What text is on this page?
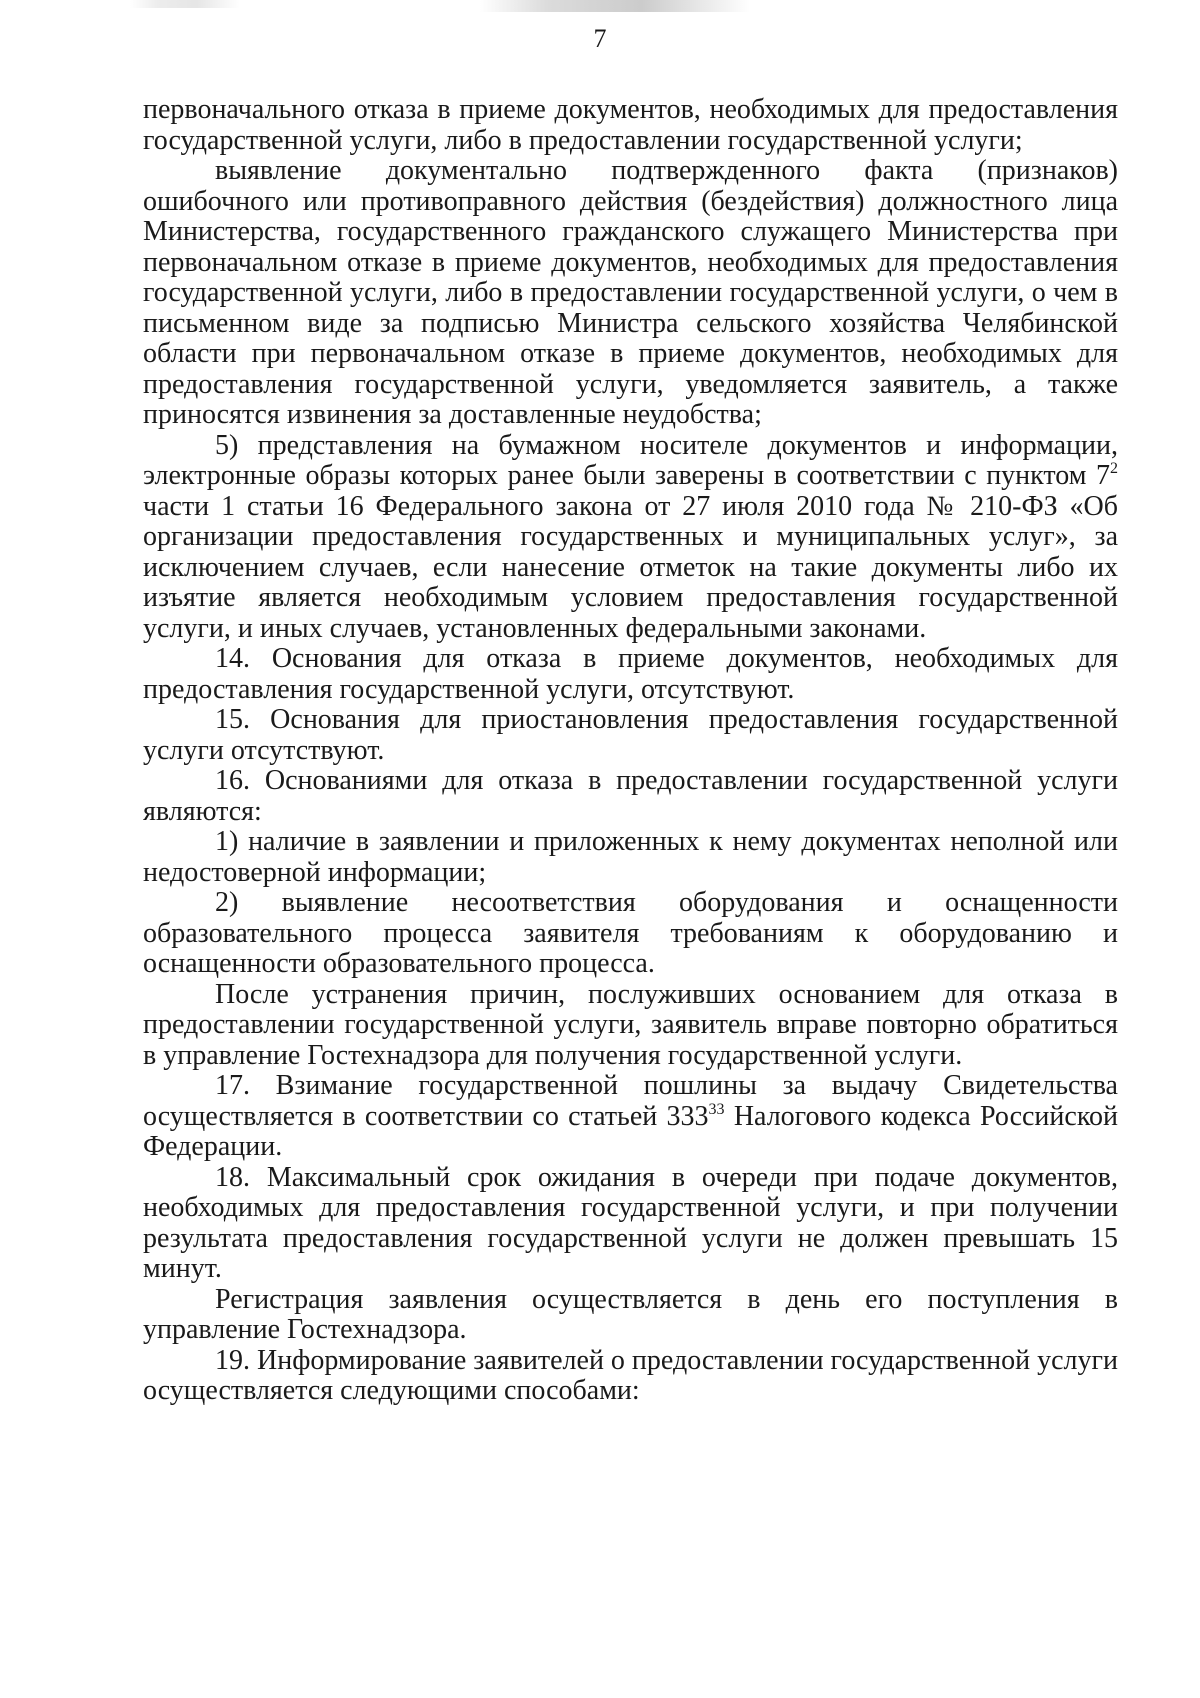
7

первоначального отказа в приеме документов, необходимых для предоставления государственной услуги, либо в предоставлении государственной услуги;

выявление документально подтвержденного факта (признаков) ошибочного или противоправного действия (бездействия) должностного лица Министерства, государственного гражданского служащего Министерства при первоначальном отказе в приеме документов, необходимых для предоставления государственной услуги, либо в предоставлении государственной услуги, о чем в письменном виде за подписью Министра сельского хозяйства Челябинской области при первоначальном отказе в приеме документов, необходимых для предоставления государственной услуги, уведомляется заявитель, а также приносятся извинения за доставленные неудобства;

5) представления на бумажном носителе документов и информации, электронные образы которых ранее были заверены в соответствии с пунктом $7^2$ части 1 статьи 16 Федерального закона от 27 июля 2010 года № 210-ФЗ «Об организации предоставления государственных и муниципальных услуг», за исключением случаев, если нанесение отметок на такие документы либо их изъятие является необходимым условием предоставления государственной услуги, и иных случаев, установленных федеральными законами.

14. Основания для отказа в приеме документов, необходимых для предоставления государственной услуги, отсутствуют.

15. Основания для приостановления предоставления государственной услуги отсутствуют.

16. Основаниями для отказа в предоставлении государственной услуги являются:

1) наличие в заявлении и приложенных к нему документах неполной или недостоверной информации;

2) выявление несоответствия оборудования и оснащенности образовательного процесса заявителя требованиям к оборудованию и оснащенности образовательного процесса.

После устранения причин, послуживших основанием для отказа в предоставлении государственной услуги, заявитель вправе повторно обратиться в управление Гостехнадзора для получения государственной услуги.

17. Взимание государственной пошлины за выдачу Свидетельства осуществляется в соответствии со статьей $333^{33}$ Налогового кодекса Российской Федерации.

18. Максимальный срок ожидания в очереди при подаче документов, необходимых для предоставления государственной услуги, и при получении результата предоставления государственной услуги не должен превышать 15 минут.

Регистрация заявления осуществляется в день его поступления в управление Гостехнадзора.

19. Информирование заявителей о предоставлении государственной услуги осуществляется следующими способами:
